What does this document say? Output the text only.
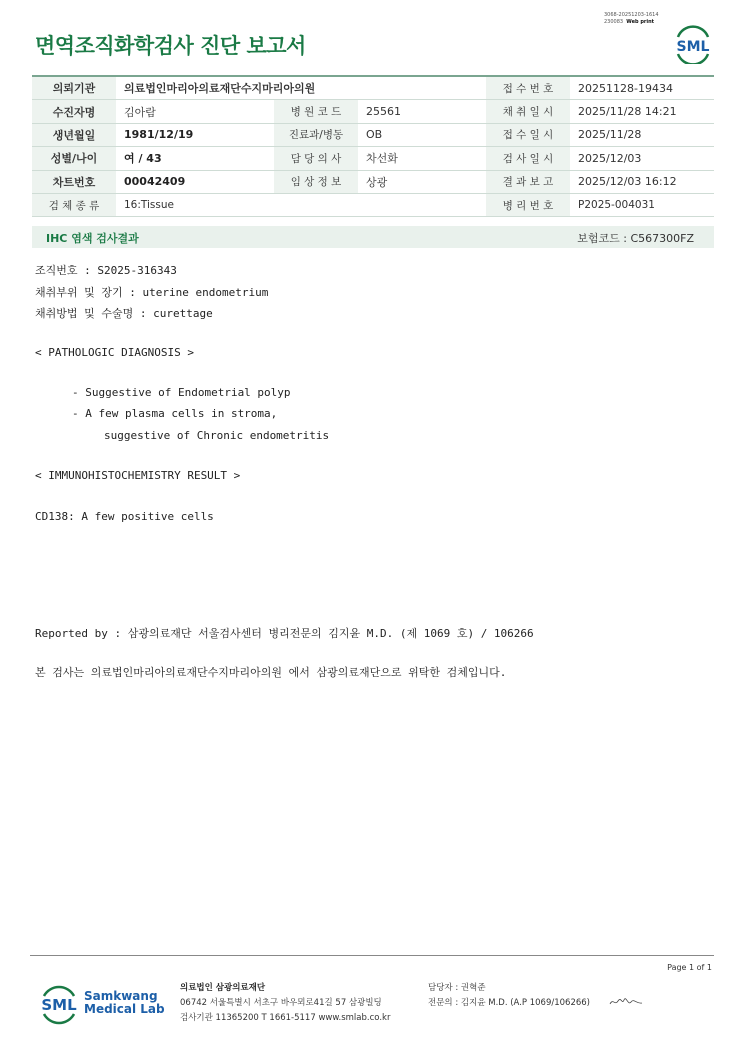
3068-20251203-1614
230083 Web print
면역조직화학검사 진단 보고서	SML
의뢰기관	의료법인마리아의료재단수지마리아의원			접 수 번 호	20251128-19434
수진자명	김아람	병 원 코 드	25561	채 취 일 시	2025/11/28 14:21
생년월일	1981/12/19	진료과/병동	OB	접 수 일 시	2025/11/28
성별/나이	여 / 43	담 당 의 사	차선화	검 사 일 시	2025/12/03
차트번호	00042409	임 상 정 보	상광	결 과 보 고	2025/12/03 16:12
검 체 종 류	16:Tissue			병 리 번 호	P2025-004031
IHC 염색 검사결과	보험코드 : C567300FZ
조직번호 : S2025-316343
채취부위 및 장기 : uterine endometrium
채취방법 및 수술명 : curettage
< PATHOLOGIC DIAGNOSIS >
- Suggestive of Endometrial polyp
- A few plasma cells in stroma,
suggestive of Chronic endometritis
< IMMUNOHISTOCHEMISTRY RESULT >
CD138: A few positive cells
Reported by : 삼광의료재단 서울검사센터 병리전문의 김지윤 M.D. (제 1069 호) / 106266
본 검사는 의료법인마리아의료재단수지마리아의원 에서 삼광의료재단으로 위탁한 검체입니다.
Page 1 of 1
SML Samkwang
Medical Lab
의료법인 삼광의료재단
06742 서울특별시 서초구 바우뫼로41길 57 삼광빌딩
검사기관 11365200 T 1661-5117 www.smlab.co.kr
담당자 : 권혁준
전문의 : 김지윤 M.D. (A.P 1069/106266)
